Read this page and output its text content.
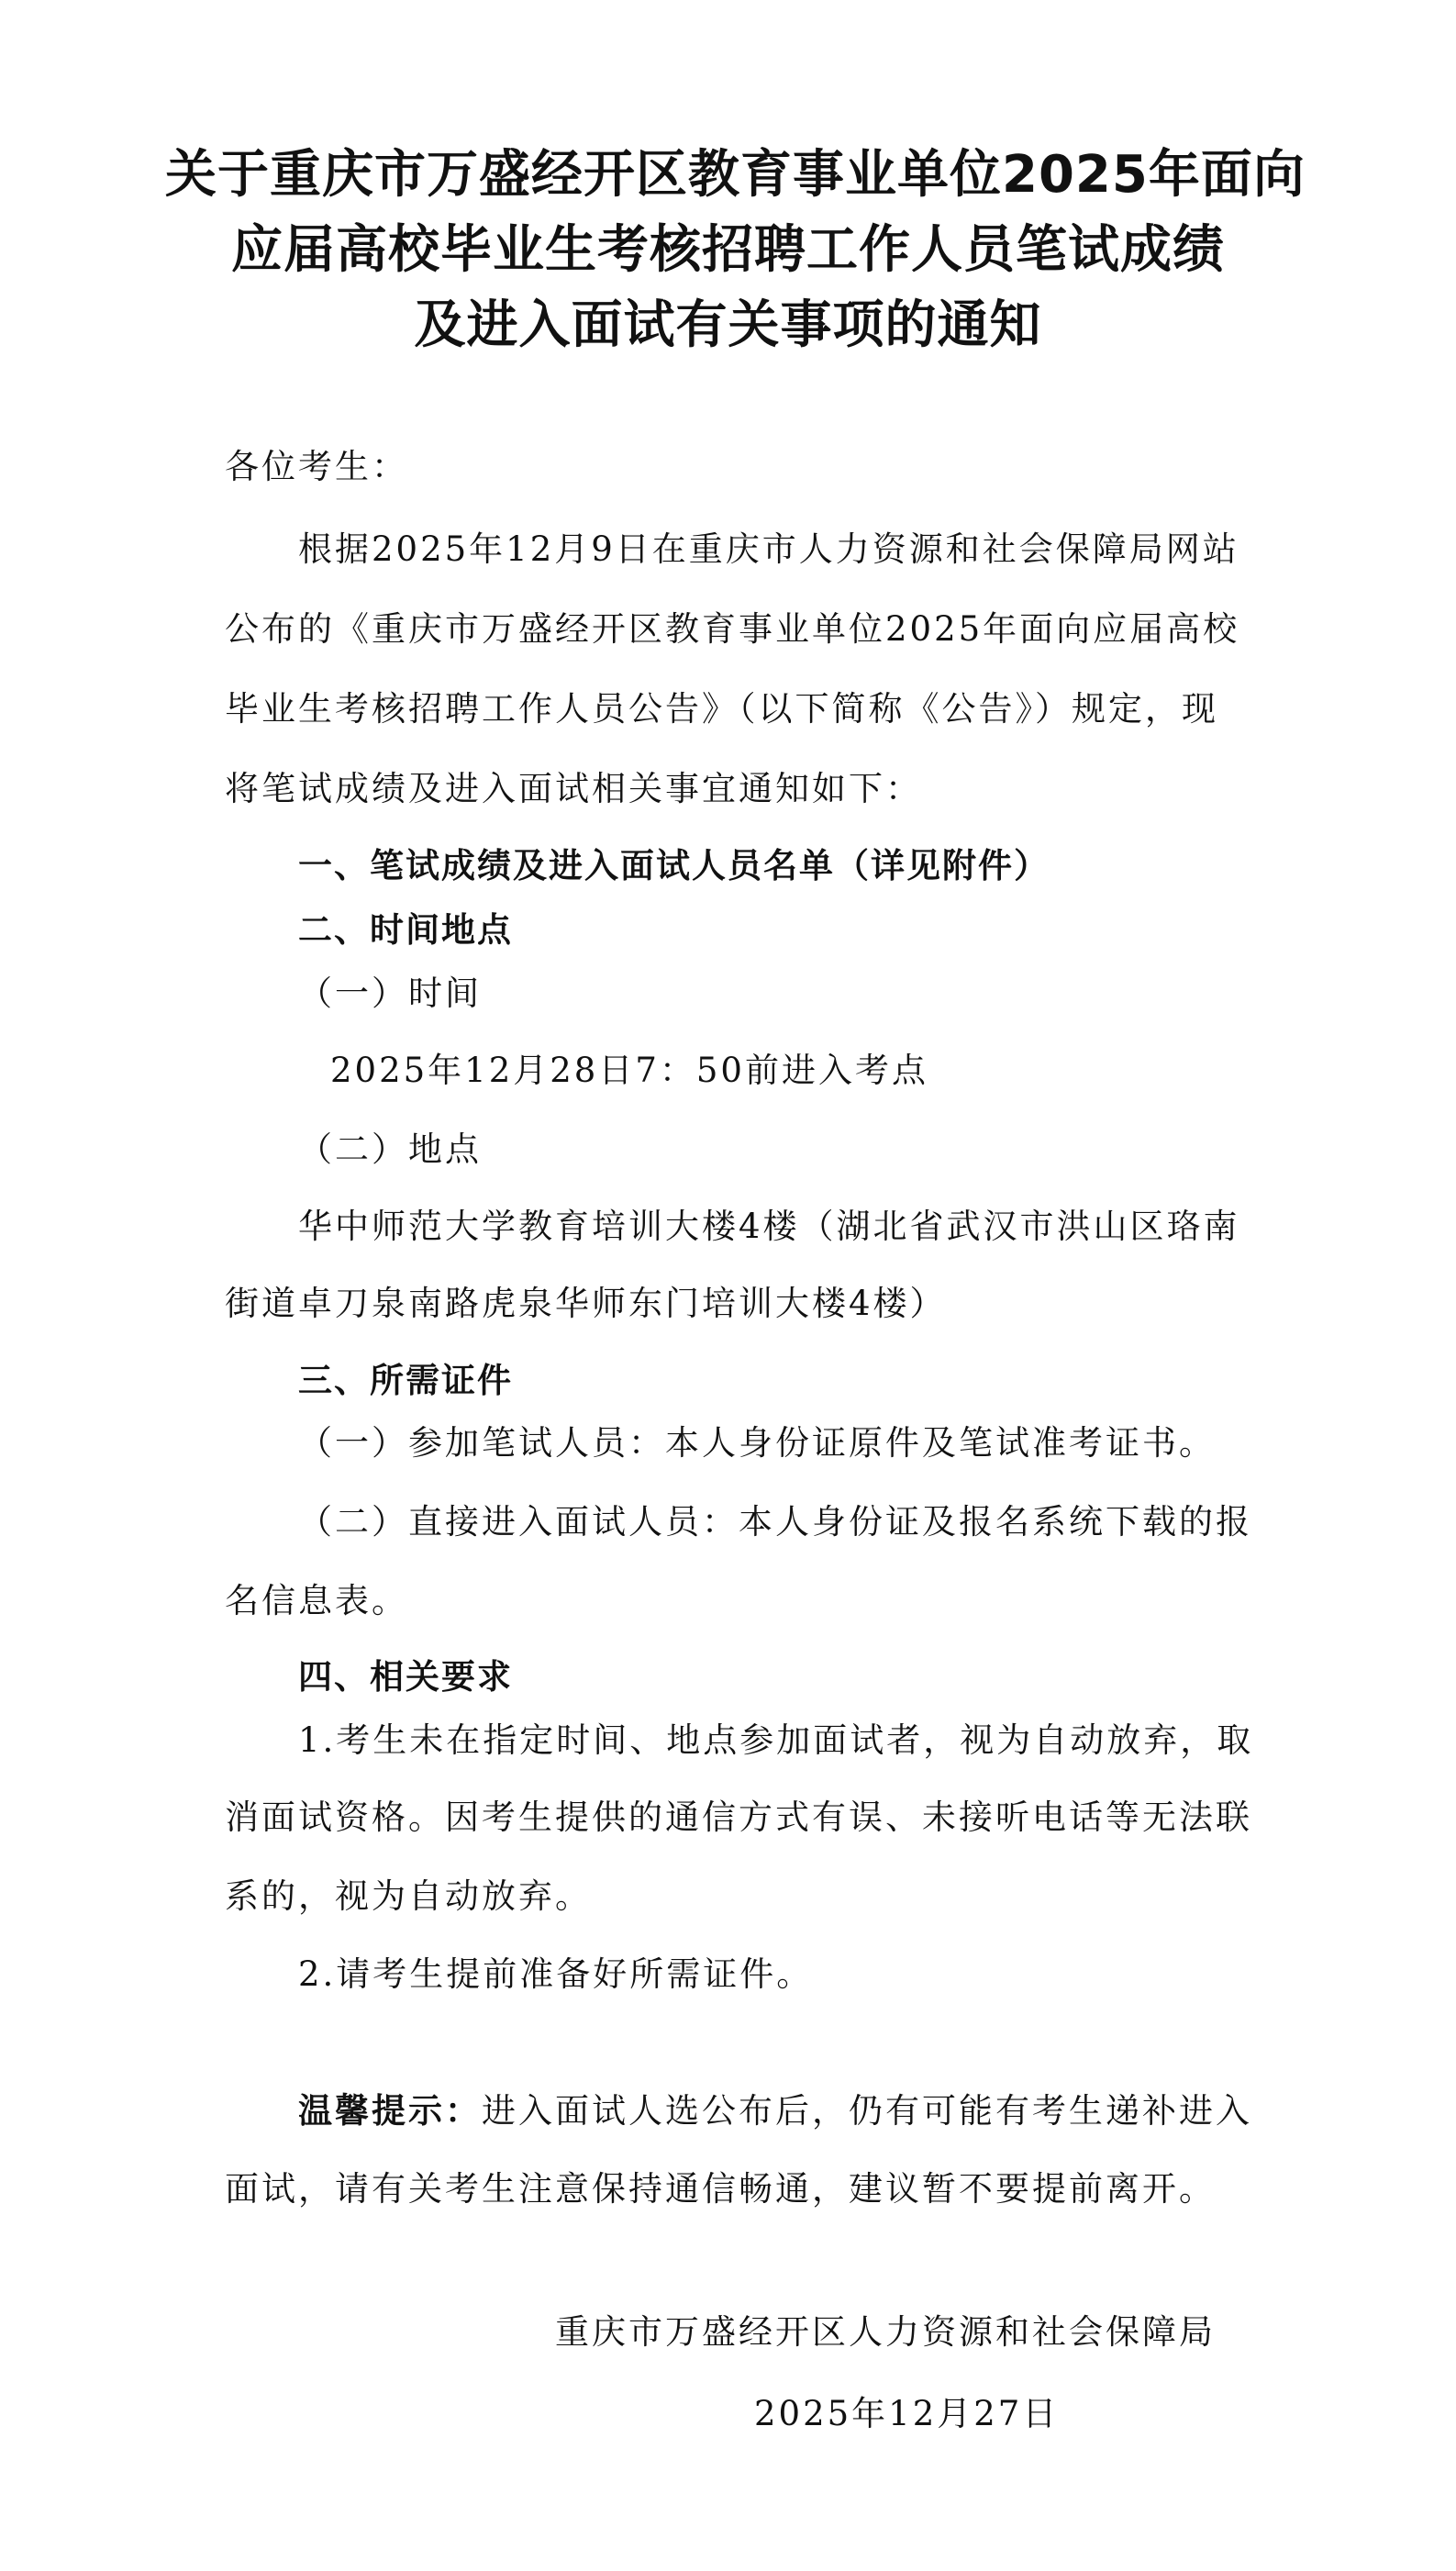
关于重庆市万盛经开区教育事业单位2025年面向
应届高校毕业生考核招聘工作人员笔试成绩
及进入面试有关事项的通知
各位考生：
根据2025年12月9日在重庆市人力资源和社会保障局网站
公布的《重庆市万盛经开区教育事业单位2025年面向应届高校
毕业生考核招聘工作人员公告》（以下简称《公告》）规定，现
将笔试成绩及进入面试相关事宜通知如下：
一、笔试成绩及进入面试人员名单（详见附件）
二、时间地点
（一）时间
2025年12月28日7：50前进入考点
（二）地点
华中师范大学教育培训大楼4楼（湖北省武汉市洪山区珞南
街道卓刀泉南路虎泉华师东门培训大楼4楼）
三、所需证件
（一）参加笔试人员：本人身份证原件及笔试准考证书。
（二）直接进入面试人员：本人身份证及报名系统下载的报
名信息表。
四、相关要求
1.考生未在指定时间、地点参加面试者，视为自动放弃，取
消面试资格。因考生提供的通信方式有误、未接听电话等无法联
系的，视为自动放弃。
2.请考生提前准备好所需证件。
温馨提示：进入面试人选公布后，仍有可能有考生递补进入
面试，请有关考生注意保持通信畅通，建议暂不要提前离开。
重庆市万盛经开区人力资源和社会保障局
2025年12月27日
